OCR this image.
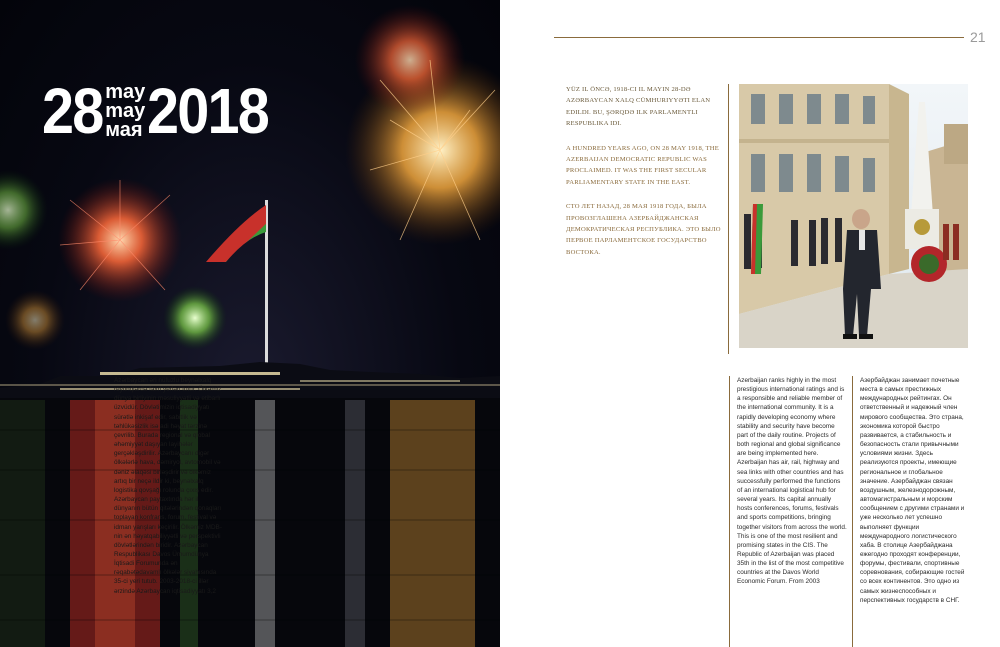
28 may
may
мая 2018

Azərbaycan əri nüfuzlu beynəlxalq reytinqlərdə faxri yerləri tutur. Ölkəmiz dünya birliyinin məsuliyyətli və etibarlı üzvüdür. Dövlətimizin iqtisadiyyatı sürətlə inkişaf edir, sabitlik və təhlükəsizlik isə adi həyat tərzinə çevrilib. Burada regional və qlobal əhəmiyyət daşıyan layihələr gerçəkləşdirilir. Azərbaycanı digər ölkələrlə hava, dəmiryol, avtomobil və dəniz əlaqəsi birləşdirir və ölkəmiz artıq bir neçə ildir ki, beynəlxalq logistika qovşağı rolunda çıxış edir. Azərbaycan paytaxtında hər il dünyanın bütün qitələrindən qonaqları toplayan konfrans, forum, festival və idman yarışları keçirilir. Ölkəmiz MDB-nin ən həyatqabiliyyətli və perspektivli dövlətlərindən biridir. Azərbaycan Respublikası Davos Ümumdünya İqtisadi Forumunda ən rəqabətədavamlı ölkələr siyahısında 35-ci yeri tutub. 2003-2018-ci illər ərzində Azərbaycan iqtisadiyyatı 3,2

21

YÜZ IL ÖNCƏ, 1918-CI IL MAYIN 28-DƏ AZƏRBAYCAN XALQ CÜMHURIYYƏTI ELAN EDILDI. BU, ŞƏRQDƏ ILK PARLAMENTLI RESPUBLIKA IDI.

A HUNDRED YEARS AGO, ON 28 MAY 1918, THE AZERBAIJAN DEMOCRATIC REPUBLIC WAS PROCLAIMED. IT WAS THE FIRST SECULAR PARLIAMENTARY STATE IN THE EAST.

СТО ЛЕТ НАЗАД, 28 МАЯ 1918 ГОДА, БЫЛА ПРОВОЗГЛАШЕНА АЗЕРБАЙДЖАНСКАЯ ДЕМОКРАТИЧЕСКАЯ РЕСПУБЛИКА. ЭТО БЫЛО ПЕРВОЕ ПАРЛАМЕНТСКОЕ ГОСУДАРСТВО ВОСТОКА.

Azerbaijan ranks highly in the most prestigious international ratings and is a responsible and reliable member of the international community. It is a rapidly developing economy where stability and security have become part of the daily routine. Projects of both regional and global significance are being implemented here. Azerbaijan has air, rail, highway and sea links with other countries and has successfully performed the functions of an international logistical hub for several years. Its capital annually hosts conferences, forums, festivals and sports competitions, bringing together visitors from across the world. This is one of the most resilient and promising states in the CIS. The Republic of Azerbaijan was placed 35th in the list of the most competitive countries at the Davos World Economic Forum. From 2003

Азербайджан занимает почетные места в самых престижных международных рейтингах. Он ответственный и надежный член мирового сообщества. Это страна, экономика которой быстро развивается, а стабильность и безопасность стали привычными условиями жизни. Здесь реализуются проекты, имеющие региональное и глобальное значение. Азербайджан связан воздушным, железнодорожным, автомагистральным и морским сообщением с другими странами и уже несколько лет успешно выполняет функции международного логистического хаба. В столице Азербайджана ежегодно проходят конференции, форумы, фестивали, спортивные соревнования, собирающие гостей со всех континентов. Это одно из самых жизнеспособных и перспективных государств в СНГ.
